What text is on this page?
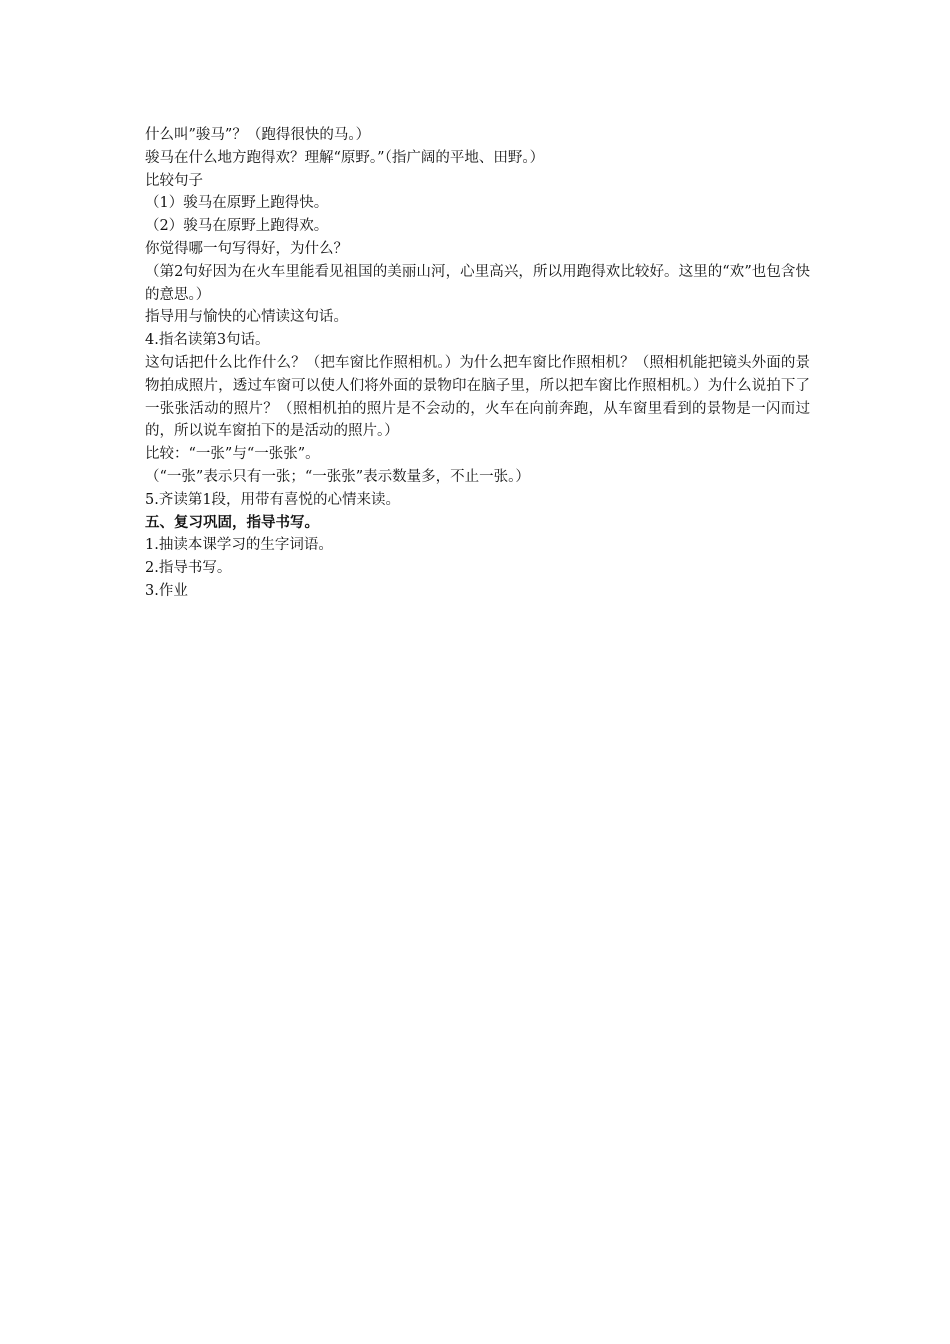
什么叫”骏马”？（跑得很快的马。）

骏马在什么地方跑得欢？理解“原野。”（指广阔的平地、田野。）

比较句子

（1）骏马在原野上跑得快。

（2）骏马在原野上跑得欢。

你觉得哪一句写得好，为什么？

（第2句好因为在火车里能看见祖国的美丽山河，心里高兴，所以用跑得欢比较好。这里的“欢”也包含快的意思。）

指导用与愉快的心情读这句话。

4.指名读第3句话。

这句话把什么比作什么？（把车窗比作照相机。）为什么把车窗比作照相机？（照相机能把镜头外面的景物拍成照片，透过车窗可以使人们将外面的景物印在脑子里，所以把车窗比作照相机。）为什么说拍下了一张张活动的照片？（照相机拍的照片是不会动的，火车在向前奔跑，从车窗里看到的景物是一闪而过的，所以说车窗拍下的是活动的照片。）

比较：“一张”与“一张张”。

（“一张”表示只有一张；“一张张”表示数量多，不止一张。）

5.齐读第1段，用带有喜悦的心情来读。

五、复习巩固，指导书写。

1.抽读本课学习的生字词语。

2.指导书写。

3.作业
